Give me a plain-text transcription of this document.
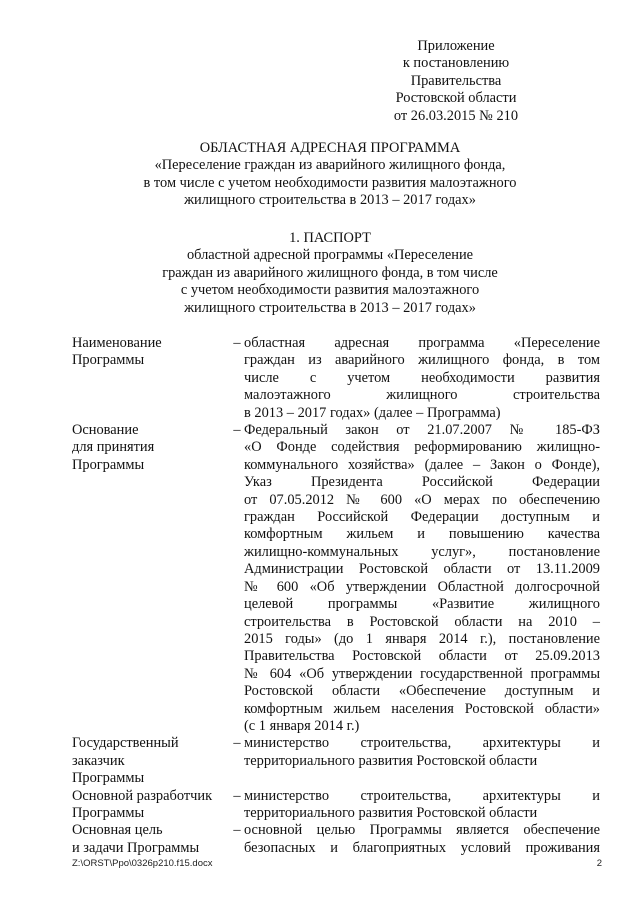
Приложение
к постановлению
Правительства
Ростовской области
от 26.03.2015 № 210
ОБЛАСТНАЯ АДРЕСНАЯ ПРОГРАММА
«Переселение граждан из аварийного жилищного фонда,
в том числе с учетом необходимости развития малоэтажного
жилищного строительства в 2013 – 2017 годах»
1. ПАСПОРТ
областной адресной программы «Переселение
граждан из аварийного жилищного фонда, в том числе
с учетом необходимости развития малоэтажного
жилищного строительства в 2013 – 2017 годах»
Наименование
Программы
– областная адресная программа «Переселение
граждан из аварийного жилищного фонда, в том
числе с учетом необходимости развития
малоэтажного жилищного строительства
в 2013 – 2017 годах» (далее – Программа)
Основание
для принятия
Программы
– Федеральный закон от 21.07.2007 № 185-ФЗ
«О Фонде содействия реформированию жилищно-
коммунального хозяйства» (далее – Закон о Фонде),
Указ Президента Российской Федерации
от 07.05.2012 № 600 «О мерах по обеспечению
граждан Российской Федерации доступным и
комфортным жильем и повышению качества
жилищно-коммунальных услуг», постановление
Администрации Ростовской области от 13.11.2009
№ 600 «Об утверждении Областной долгосрочной
целевой программы «Развитие жилищного
строительства в Ростовской области на 2010 –
2015 годы» (до 1 января 2014 г.), постановление
Правительства Ростовской области от 25.09.2013
№ 604 «Об утверждении государственной программы
Ростовской области «Обеспечение доступным и
комфортным жильем населения Ростовской области»
(с 1 января 2014 г.)
Государственный
заказчик
Программы
– министерство строительства, архитектуры и
территориального развития Ростовской области
Основной разработчик
Программы
– министерство строительства, архитектуры и
территориального развития Ростовской области
Основная цель
и задачи Программы
– основной целью Программы является обеспечение
безопасных и благоприятных условий проживания
Z:\ORST\Ppo\0326p210.f15.docx	2
